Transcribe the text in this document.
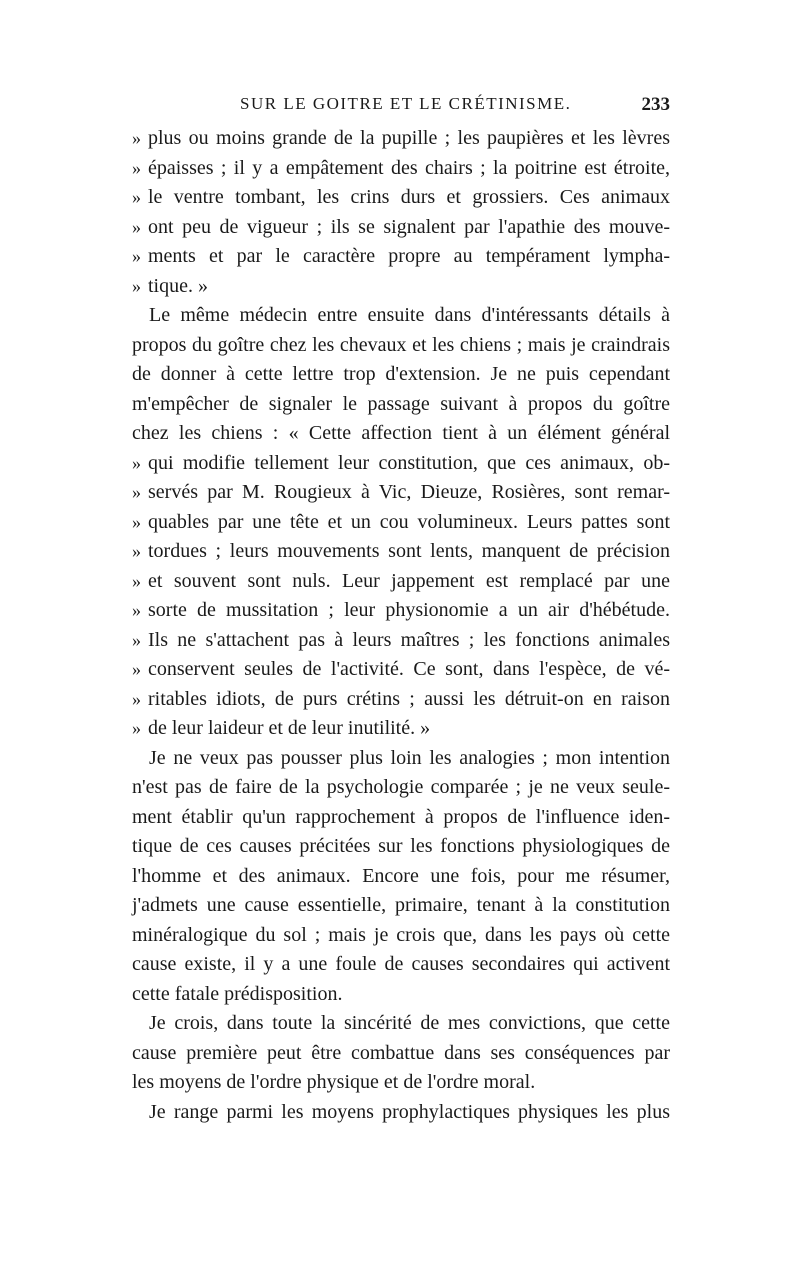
SUR LE GOITRE ET LE CRÉTINISME.	233
» plus ou moins grande de la pupille ; les paupières et les lèvres
» épaisses ; il y a empâtement des chairs ; la poitrine est étroite,
» le ventre tombant, les crins durs et grossiers. Ces animaux
» ont peu de vigueur ; ils se signalent par l'apathie des mouve-
» ments et par le caractère propre au tempérament lympha-
» tique. »
Le même médecin entre ensuite dans d'intéressants détails à
propos du goître chez les chevaux et les chiens ; mais je craindrais
de donner à cette lettre trop d'extension. Je ne puis cependant
m'empêcher de signaler le passage suivant à propos du goître
chez les chiens : « Cette affection tient à un élément général
» qui modifie tellement leur constitution, que ces animaux, ob-
» servés par M. Rougieux à Vic, Dieuze, Rosières, sont remar-
» quables par une tête et un cou volumineux. Leurs pattes sont
» tordues ; leurs mouvements sont lents, manquent de précision
» et souvent sont nuls. Leur jappement est remplacé par une
» sorte de mussitation ; leur physionomie a un air d'hébétude.
» Ils ne s'attachent pas à leurs maîtres ; les fonctions animales
» conservent seules de l'activité. Ce sont, dans l'espèce, de vé-
» ritables idiots, de purs crétins ; aussi les détruit-on en raison
» de leur laideur et de leur inutilité. »
Je ne veux pas pousser plus loin les analogies ; mon intention
n'est pas de faire de la psychologie comparée ; je ne veux seule-
ment établir qu'un rapprochement à propos de l'influence iden-
tique de ces causes précitées sur les fonctions physiologiques de
l'homme et des animaux. Encore une fois, pour me résumer,
j'admets une cause essentielle, primaire, tenant à la constitution
minéralogique du sol ; mais je crois que, dans les pays où cette
cause existe, il y a une foule de causes secondaires qui activent
cette fatale prédisposition.
Je crois, dans toute la sincérité de mes convictions, que cette
cause première peut être combattue dans ses conséquences par
les moyens de l'ordre physique et de l'ordre moral.
Je range parmi les moyens prophylactiques physiques les plus
